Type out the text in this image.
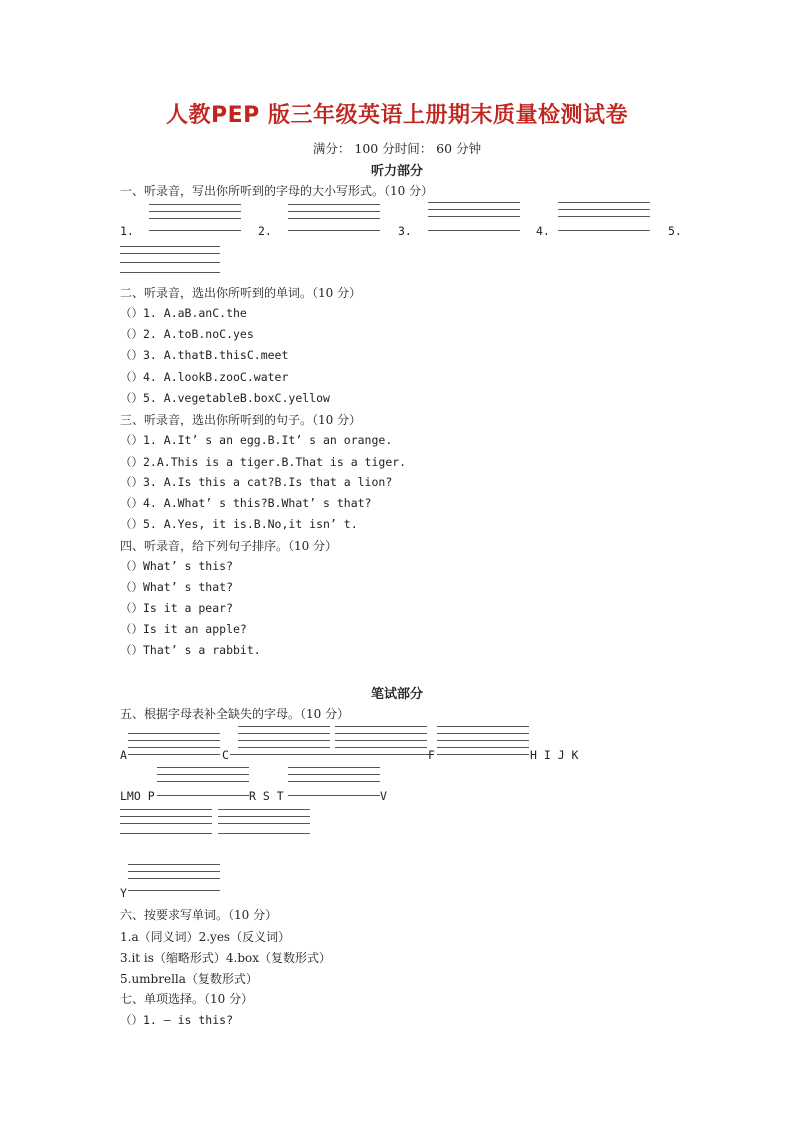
人教PEP 版三年级英语上册期末质量检测试卷
满分： 100 分时间： 60 分钟
听力部分
一、听录音，写出你所听到的字母的大小写形式。（10 分）
1.	2.	3.	4.	5.
二、听录音，选出你所听到的单词。（10 分）
（）1. A.aB.anC.the
（）2. A.toB.noC.yes
（）3. A.thatB.thisC.meet
（）4. A.lookB.zooC.water
（）5. A.vegetableB.boxC.yellow
三、听录音，选出你所听到的句子。（10 分）
（）1. A.It’ s an egg.B.It’ s an orange.
（）2.A.This is a tiger.B.That is a tiger.
（）3. A.Is this a cat?B.Is that a lion?
（）4. A.What’ s this?B.What’ s that?
（）5. A.Yes, it is.B.No,it isn’ t.
四、听录音，给下列句子排序。（10 分）
（）What’ s this?
（）What’ s that?
（）Is it a pear?
（）Is it an apple?
（）That’ s a rabbit.
笔试部分
五、根据字母表补全缺失的字母。（10 分）
A	C	F	H I J K
LMO P	R S T	V
Y
六、按要求写单词。（10 分）
1.a（同义词）2.yes（反义词）
3.it is（缩略形式）4.box（复数形式）
5.umbrella（复数形式）
七、单项选择。（10 分）
（）1. — is this?
